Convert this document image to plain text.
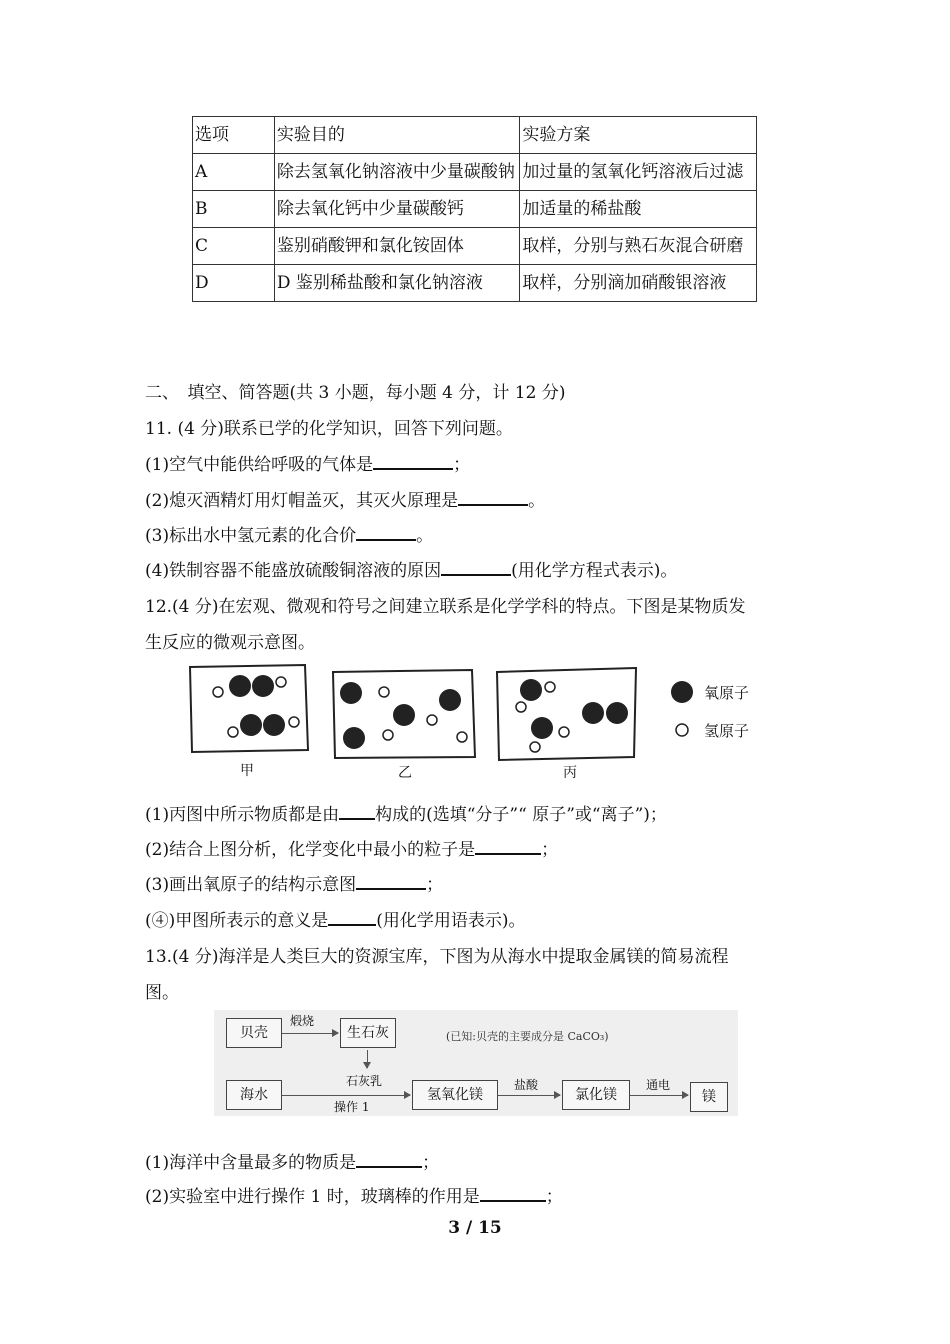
选项	实验目的	实验方案
A	除去氢氧化钠溶液中少量碳酸钠	加过量的氢氧化钙溶液后过滤
B	除去氧化钙中少量碳酸钙	加适量的稀盐酸
C	鉴别硝酸钾和氯化铵固体	取样，分别与熟石灰混合研磨
D	D 鉴别稀盐酸和氯化钠溶液	取样，分别滴加硝酸银溶液
二、　填空、简答题(共 3 小题，每小题 4 分，计 12 分)
11. (4 分)联系已学的化学知识，回答下列问题。
(1)空气中能供给呼吸的气体是	；
(2)熄灭酒精灯用灯帽盖灭，其灭火原理是	。
(3)标出水中氢元素的化合价	。
(4)铁制容器不能盛放硫酸铜溶液的原因	(用化学方程式表示)。
12.(4 分)在宏观、微观和符号之间建立联系是化学学科的特点。下图是某物质发
生反应的微观示意图。
氧原子
氢原子
甲	乙	丙
(1)丙图中所示物质都是由 构成的(选填“分子”“ 原子”或“离子”)；
(2)结合上图分析，化学变化中最小的粒子是	；
(3)画出氧原子的结构示意图	；
(④)甲图所表示的意义是	(用化学用语表示)。
13.(4 分)海洋是人类巨大的资源宝库，下图为从海水中提取金属镁的简易流程
图。
贝壳
煅烧
生石灰	(已知:贝壳的主要成分是 CaCO₃)
石灰乳
海水
操作 1
氢氧化镁
盐酸
氯化镁
通电
镁
(1)海洋中含量最多的物质是	；
(2)实验室中进行操作 1 时，玻璃棒的作用是	；
3 / 15
